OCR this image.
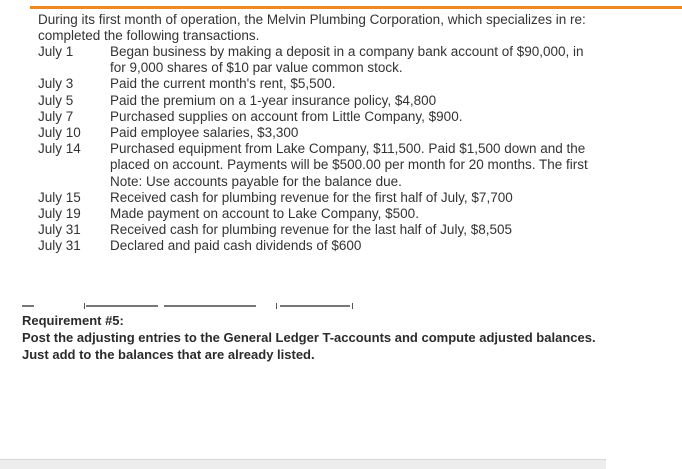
During its first month of operation, the Melvin Plumbing Corporation, which specializes in re:
completed the following transactions.
July 1	Began business by making a deposit in a company bank account of $90,000, in
for 9,000 shares of $10 par value common stock.
July 3	Paid the current month's rent, $5,500.
July 5	Paid the premium on a 1-year insurance policy, $4,800
July 7	Purchased supplies on account from Little Company, $900.
July 10	Paid employee salaries, $3,300
July 14	Purchased equipment from Lake Company, $11,500. Paid $1,500 down and the
placed on account. Payments will be $500.00 per month for 20 months. The first
Note: Use accounts payable for the balance due.
July 15	Received cash for plumbing revenue for the first half of July, $7,700
July 19	Made payment on account to Lake Company, $500.
July 31	Received cash for plumbing revenue for the last half of July, $8,505
July 31	Declared and paid cash dividends of $600
Requirement #5:
Post the adjusting entries to the General Ledger T-accounts and compute adjusted balances.
Just add to the balances that are already listed.
